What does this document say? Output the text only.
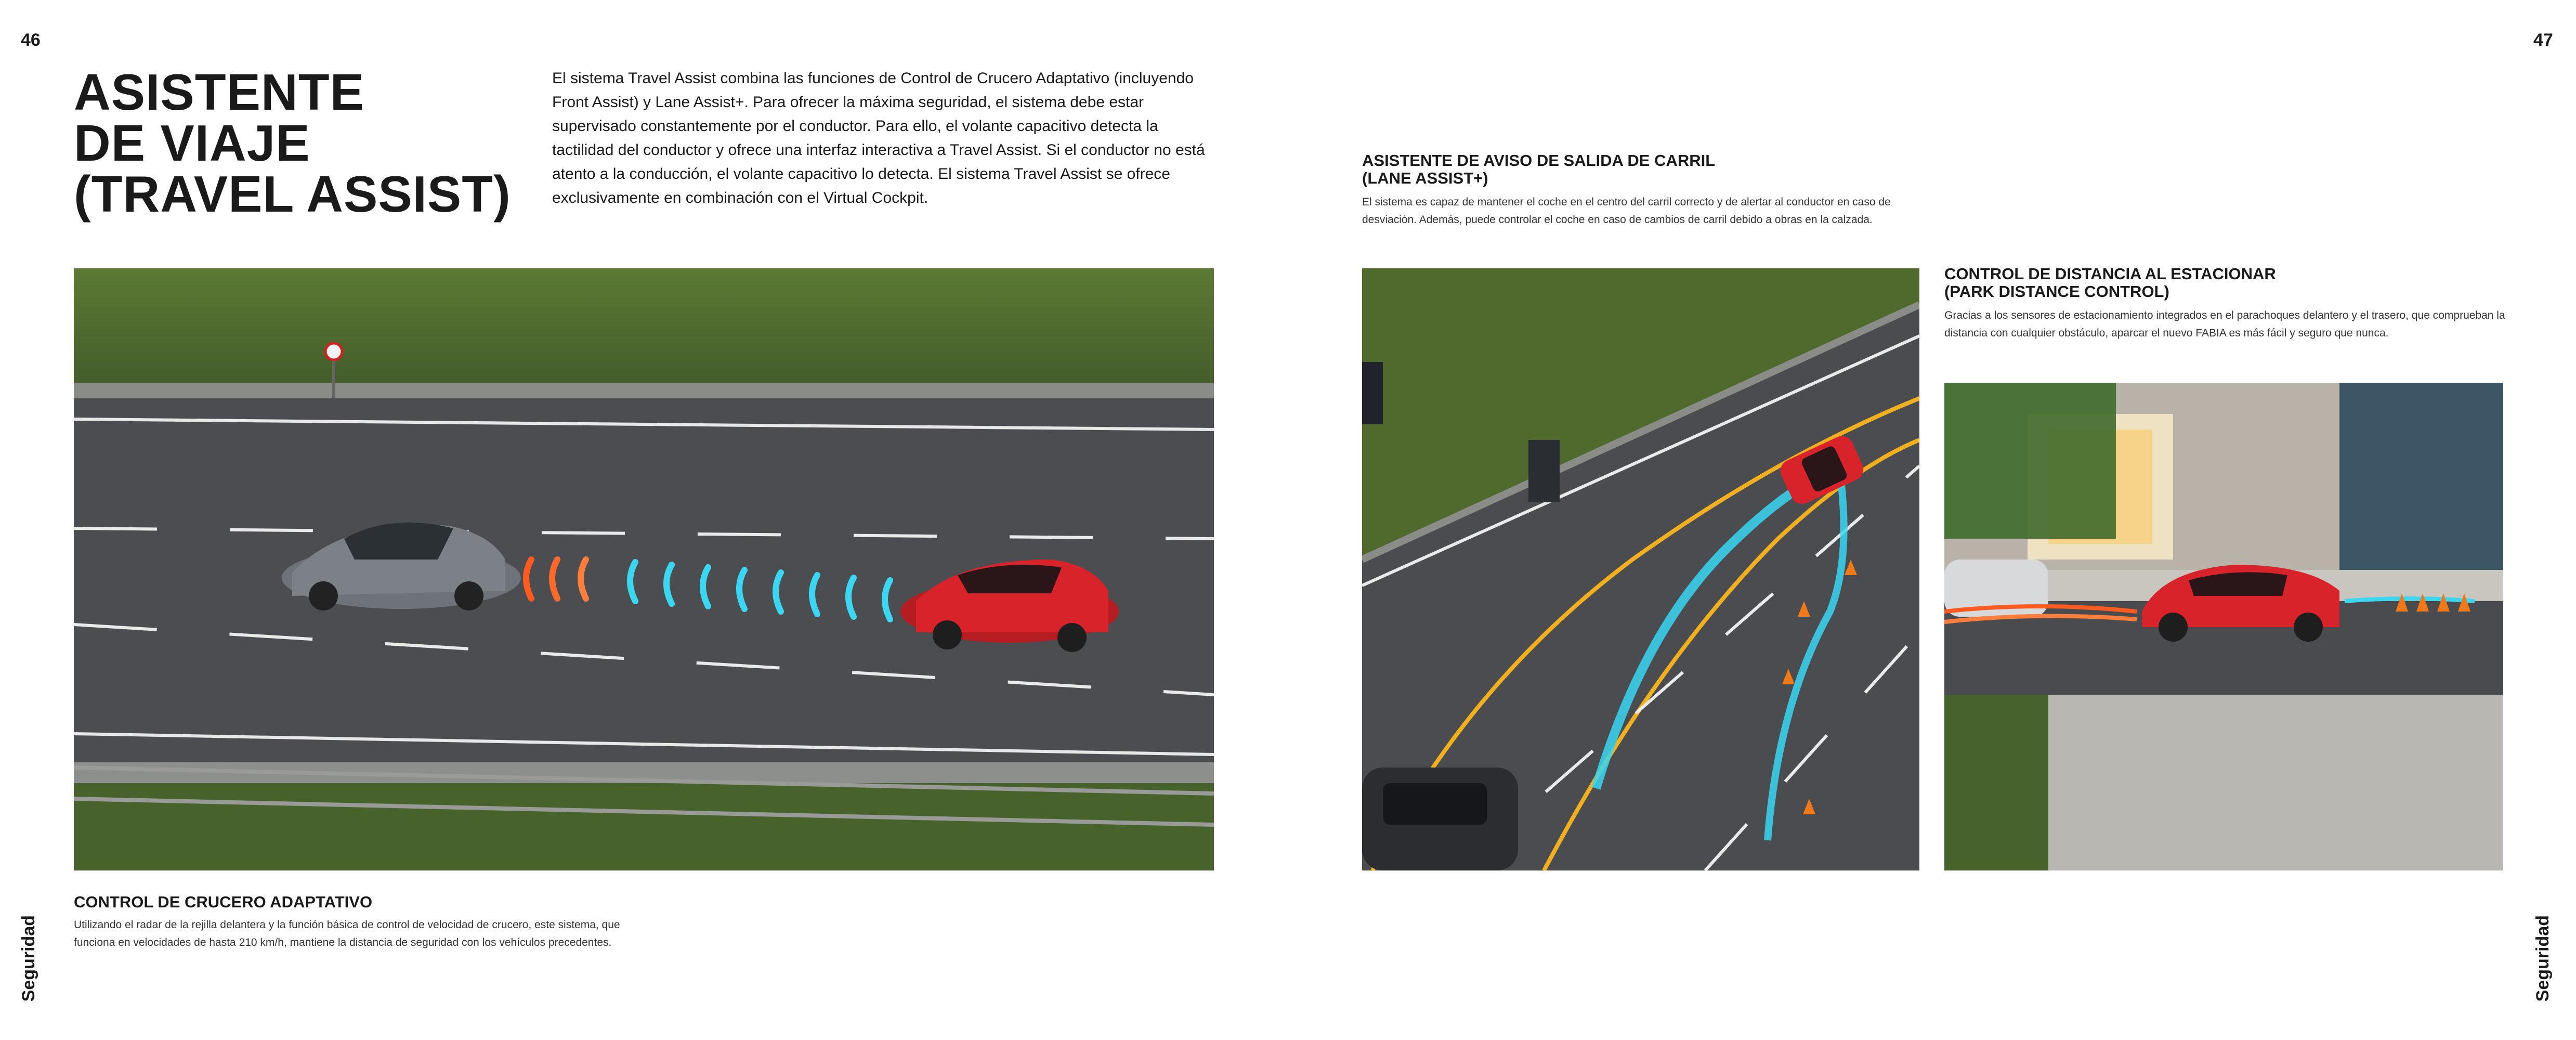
46
Seguridad
ASISTENTE
DE VIAJE
(TRAVEL ASSIST)
El sistema Travel Assist combina las funciones de Control de Crucero Adaptativo (incluyendo Front Assist) y Lane Assist+. Para ofrecer la máxima seguridad, el sistema debe estar supervisado constantemente por el conductor. Para ello, el volante capacitivo detecta la tactilidad del conductor y ofrece una interfaz interactiva a Travel Assist. Si el conductor no está atento a la conducción, el volante capacitivo lo detecta. El sistema Travel Assist se ofrece exclusivamente en combinación con el Virtual Cockpit.
CONTROL DE CRUCERO ADAPTATIVO
Utilizando el radar de la rejilla delantera y la función básica de control de velocidad de crucero, este sistema, que funciona en velocidades de hasta 210 km/h, mantiene la distancia de seguridad con los vehículos precedentes.
47
Seguridad
ASISTENTE DE AVISO DE SALIDA DE CARRIL
(LANE ASSIST+)
El sistema es capaz de mantener el coche en el centro del carril correcto y de alertar al conductor en caso de desviación. Además, puede controlar el coche en caso de cambios de carril debido a obras en la calzada.
CONTROL DE DISTANCIA AL ESTACIONAR
(PARK DISTANCE CONTROL)
Gracias a los sensores de estacionamiento integrados en el parachoques delantero y el trasero, que comprueban la distancia con cualquier obstáculo, aparcar el nuevo FABIA es más fácil y seguro que nunca.
